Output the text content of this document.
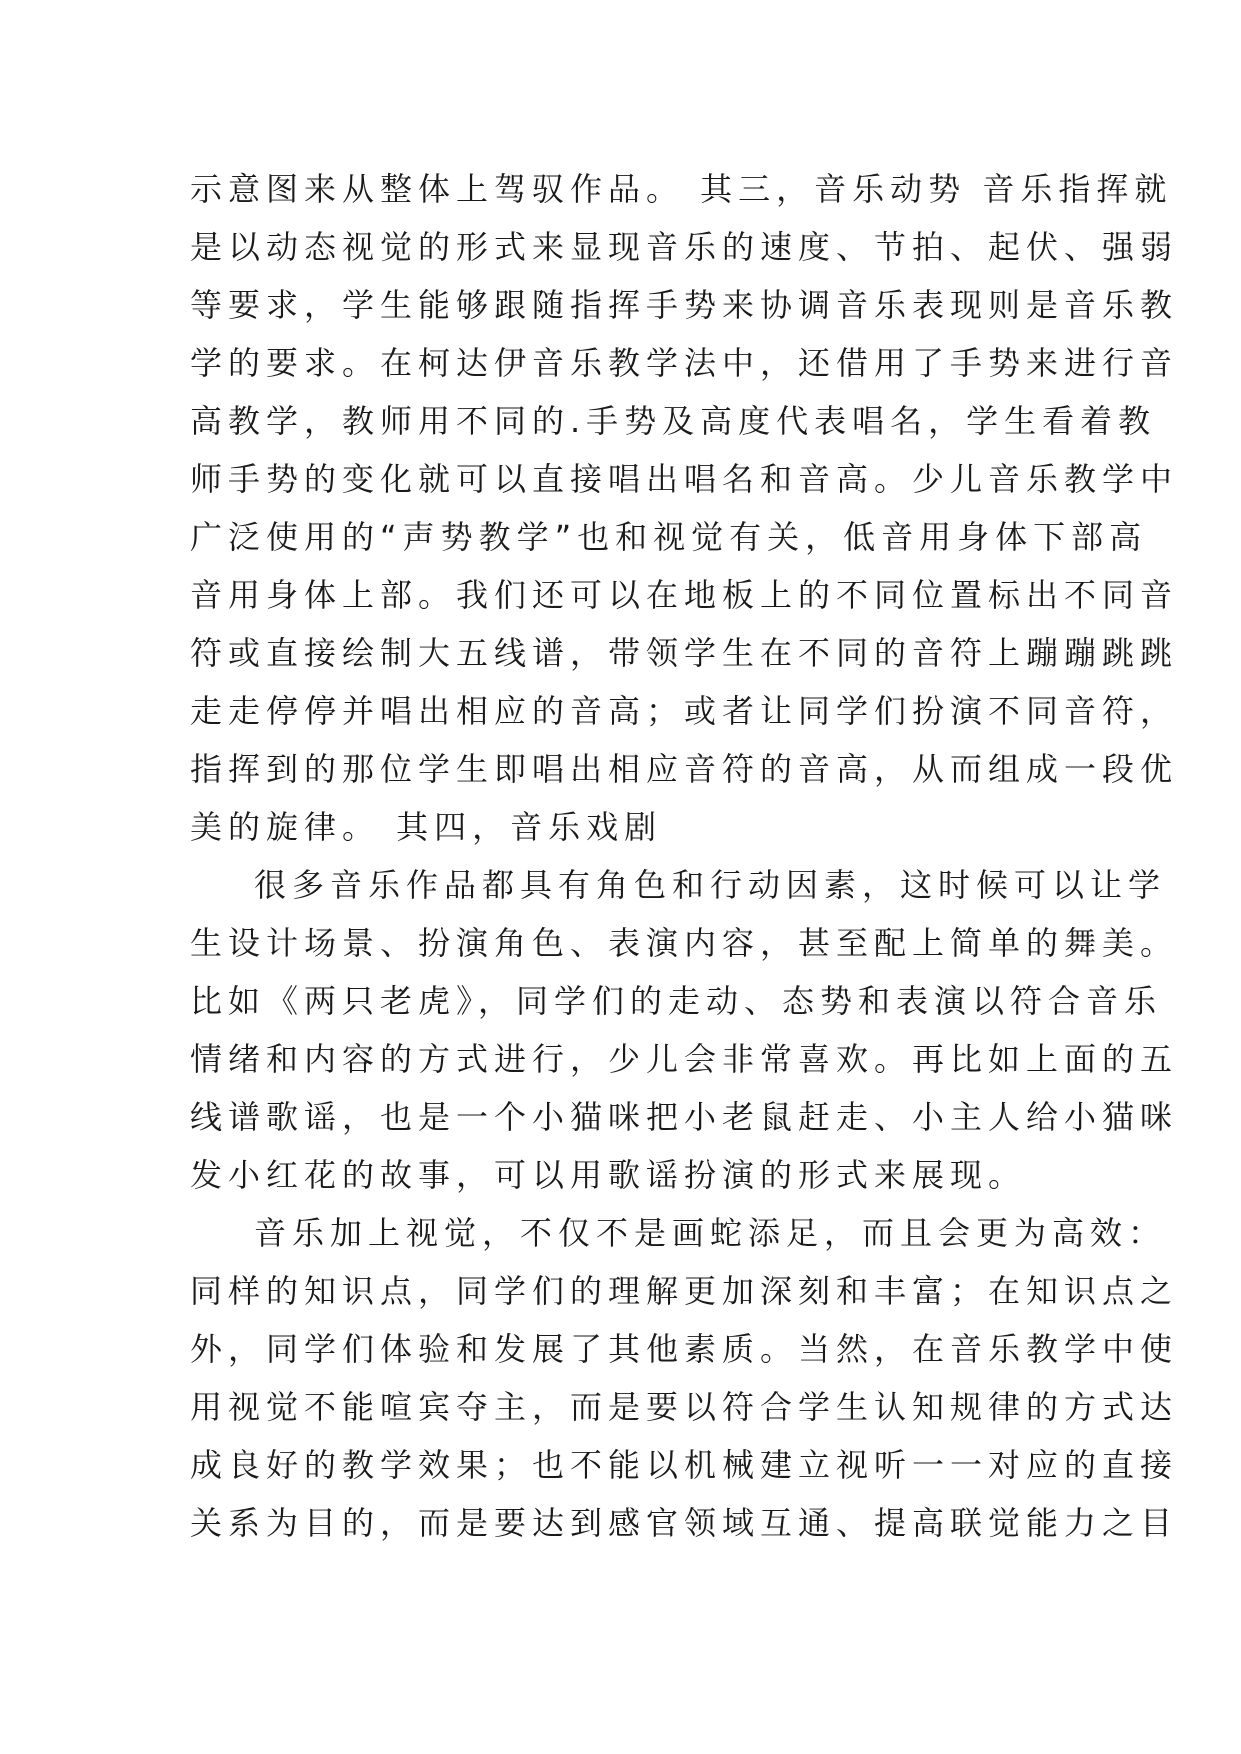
示意图来从整体上驾驭作品。 其三，音乐动势 音乐指挥就
是以动态视觉的形式来显现音乐的速度、节拍、起伏、强弱
等要求，学生能够跟随指挥手势来协调音乐表现则是音乐教
学的要求。在柯达伊音乐教学法中，还借用了手势来进行音
高教学，教师用不同的.手势及高度代表唱名，学生看着教
师手势的变化就可以直接唱出唱名和音高。少儿音乐教学中
广泛使用的“声势教学”也和视觉有关，低音用身体下部高
音用身体上部。我们还可以在地板上的不同位置标出不同音
符或直接绘制大五线谱，带领学生在不同的音符上蹦蹦跳跳
走走停停并唱出相应的音高；或者让同学们扮演不同音符，
指挥到的那位学生即唱出相应音符的音高，从而组成一段优
美的旋律。 其四，音乐戏剧
很多音乐作品都具有角色和行动因素，这时候可以让学
生设计场景、扮演角色、表演内容，甚至配上简单的舞美。
比如《两只老虎》，同学们的走动、态势和表演以符合音乐
情绪和内容的方式进行，少儿会非常喜欢。再比如上面的五
线谱歌谣，也是一个小猫咪把小老鼠赶走、小主人给小猫咪
发小红花的故事，可以用歌谣扮演的形式来展现。
音乐加上视觉，不仅不是画蛇添足，而且会更为高效：
同样的知识点，同学们的理解更加深刻和丰富；在知识点之
外，同学们体验和发展了其他素质。当然，在音乐教学中使
用视觉不能喧宾夺主，而是要以符合学生认知规律的方式达
成良好的教学效果；也不能以机械建立视听一一对应的直接
关系为目的，而是要达到感官领域互通、提高联觉能力之目
